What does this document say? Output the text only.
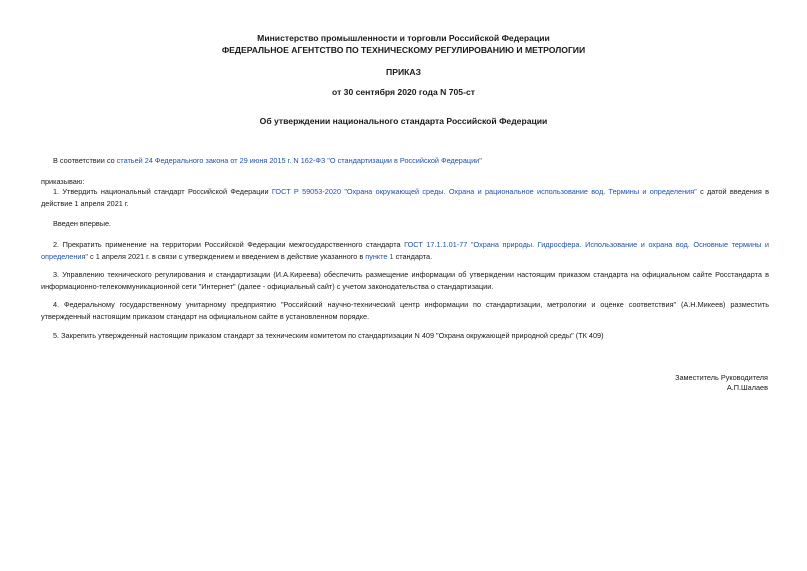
Министерство промышленности и торговли Российской Федерации
ФЕДЕРАЛЬНОЕ АГЕНТСТВО ПО ТЕХНИЧЕСКОМУ РЕГУЛИРОВАНИЮ И МЕТРОЛОГИИ
ПРИКАЗ
от 30 сентября 2020 года N 705-ст
Об утверждении национального стандарта Российской Федерации
В соответствии со статьей 24 Федерального закона от 29 июня 2015 г. N 162-ФЗ "О стандартизации в Российской Федерации"
приказываю:
1. Утвердить национальный стандарт Российской Федерации ГОСТ Р 59053-2020 "Охрана окружающей среды. Охрана и рациональное использование вод. Термины и определения" с датой введения в действие 1 апреля 2021 г.
Введен впервые.
2. Прекратить применение на территории Российской Федерации межгосударственного стандарта ГОСТ 17.1.1.01-77 "Охрана природы. Гидросфера. Использование и охрана вод. Основные термины и определения" с 1 апреля 2021 г. в связи с утверждением и введением в действие указанного в пункте 1 стандарта.
3. Управлению технического регулирования и стандартизации (И.А.Киреева) обеспечить размещение информации об утверждении настоящим приказом стандарта на официальном сайте Росстандарта в информационно-телекоммуникационной сети "Интернет" (далее - официальный сайт) с учетом законодательства о стандартизации.
4. Федеральному государственному унитарному предприятию "Российский научно-технический центр информации по стандартизации, метрологии и оценке соответствия" (А.Н.Микеев) разместить утвержденный настоящим приказом стандарт на официальном сайте в установленном порядке.
5. Закрепить утвержденный настоящим приказом стандарт за техническим комитетом по стандартизации N 409 "Охрана окружающей природной среды" (ТК 409)
Заместитель Руководителя
А.П.Шалаев
